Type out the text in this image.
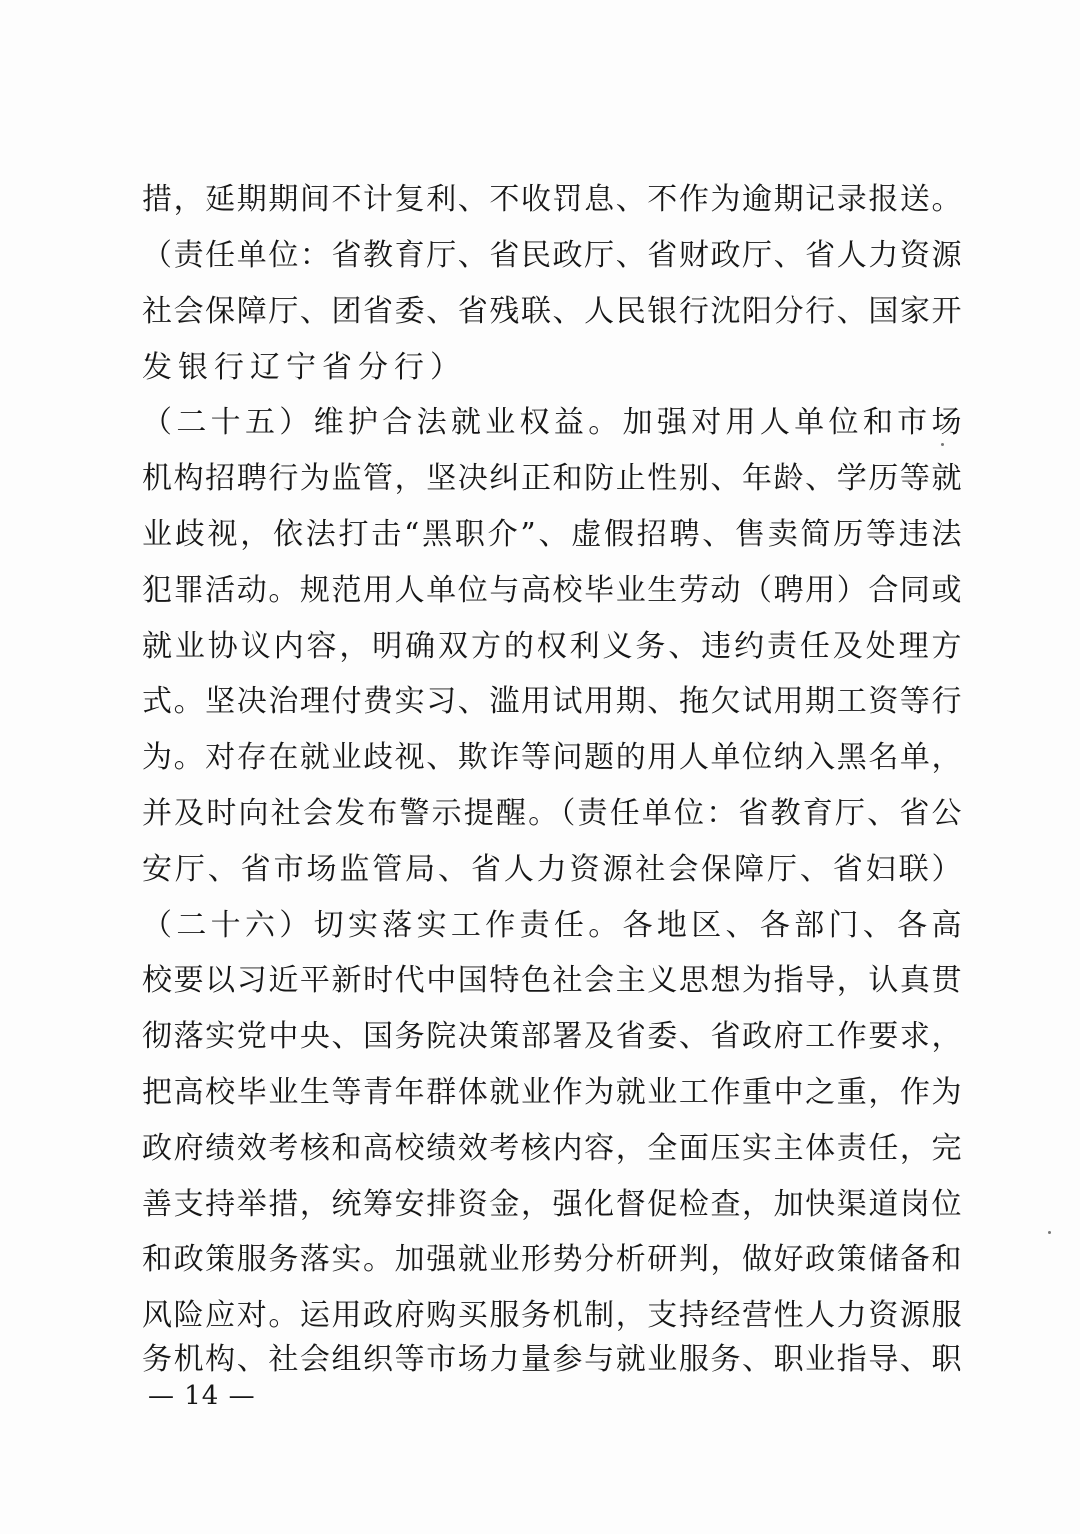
措，延期期间不计复利、不收罚息、不作为逾期记录报送。
（责任单位：省教育厅、省民政厅、省财政厅、省人力资源
社会保障厅、团省委、省残联、人民银行沈阳分行、国家开
发银行辽宁省分行）
（二十五）维护合法就业权益。加强对用人单位和市场
机构招聘行为监管，坚决纠正和防止性别、年龄、学历等就
业歧视，依法打击“黑职介”、虚假招聘、售卖简历等违法
犯罪活动。规范用人单位与高校毕业生劳动（聘用）合同或
就业协议内容，明确双方的权利义务、违约责任及处理方
式。坚决治理付费实习、滥用试用期、拖欠试用期工资等行
为。对存在就业歧视、欺诈等问题的用人单位纳入黑名单，
并及时向社会发布警示提醒。（责任单位：省教育厅、省公
安厅、省市场监管局、省人力资源社会保障厅、省妇联）
（二十六）切实落实工作责任。各地区、各部门、各高
校要以习近平新时代中国特色社会主义思想为指导，认真贯
彻落实党中央、国务院决策部署及省委、省政府工作要求，
把高校毕业生等青年群体就业作为就业工作重中之重，作为
政府绩效考核和高校绩效考核内容，全面压实主体责任，完
善支持举措，统筹安排资金，强化督促检查，加快渠道岗位
和政策服务落实。加强就业形势分析研判，做好政策储备和
风险应对。运用政府购买服务机制，支持经营性人力资源服
务机构、社会组织等市场力量参与就业服务、职业指导、职
— 14 —
